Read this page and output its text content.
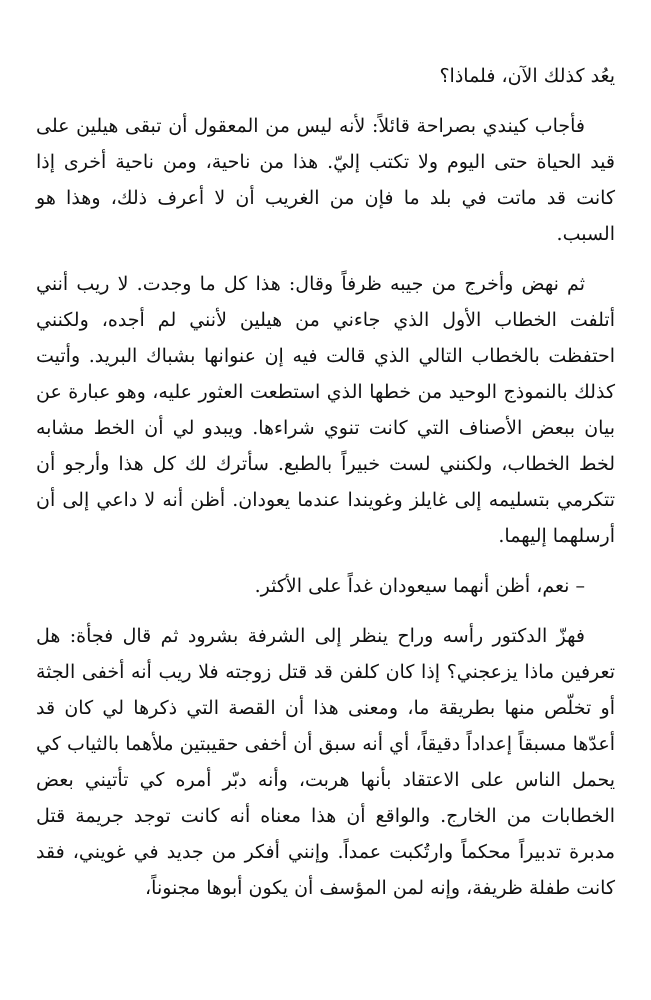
يعُد كذلك الآن، فلماذا؟

فأجاب كيندي بصراحة قائلاً: لأنه ليس من المعقول أن تبقى هيلين على قيد الحياة حتى اليوم ولا تكتب إليّ. هذا من ناحية، ومن ناحية أخرى إذا كانت قد ماتت في بلد ما فإن من الغريب أن لا أعرف ذلك، وهذا هو السبب.

ثم نهض وأخرج من جيبه ظرفاً وقال: هذا كل ما وجدت. لا ريب أنني أتلفت الخطاب الأول الذي جاءني من هيلين لأنني لم أجده، ولكنني احتفظت بالخطاب التالي الذي قالت فيه إن عنوانها بشباك البريد. وأتيت كذلك بالنموذج الوحيد من خطها الذي استطعت العثور عليه، وهو عبارة عن بيان ببعض الأصناف التي كانت تنوي شراءها. ويبدو لي أن الخط مشابه لخط الخطاب، ولكنني لست خبيراً بالطبع. سأترك لك كل هذا وأرجو أن تتكرمي بتسليمه إلى غايلز وغويندا عندما يعودان. أظن أنه لا داعي إلى أن أرسلهما إليهما.

– نعم، أظن أنهما سيعودان غداً على الأكثر.

فهزّ الدكتور رأسه وراح ينظر إلى الشرفة بشرود ثم قال فجأة: هل تعرفين ماذا يزعجني؟ إذا كان كلفن قد قتل زوجته فلا ريب أنه أخفى الجثة أو تخلّص منها بطريقة ما، ومعنى هذا أن القصة التي ذكرها لي كان قد أعدّها مسبقاً إعداداً دقيقاً، أي أنه سبق أن أخفى حقيبتين ملأهما بالثياب كي يحمل الناس على الاعتقاد بأنها هربت، وأنه دبّر أمره كي تأتيني بعض الخطابات من الخارج. والواقع أن هذا معناه أنه كانت توجد جريمة قتل مدبرة تدبيراً محكماً وارتُكبت عمداً. وإنني أفكر من جديد في غويني، فقد كانت طفلة ظريفة، وإنه لمن المؤسف أن يكون أبوها مجنوناً،
